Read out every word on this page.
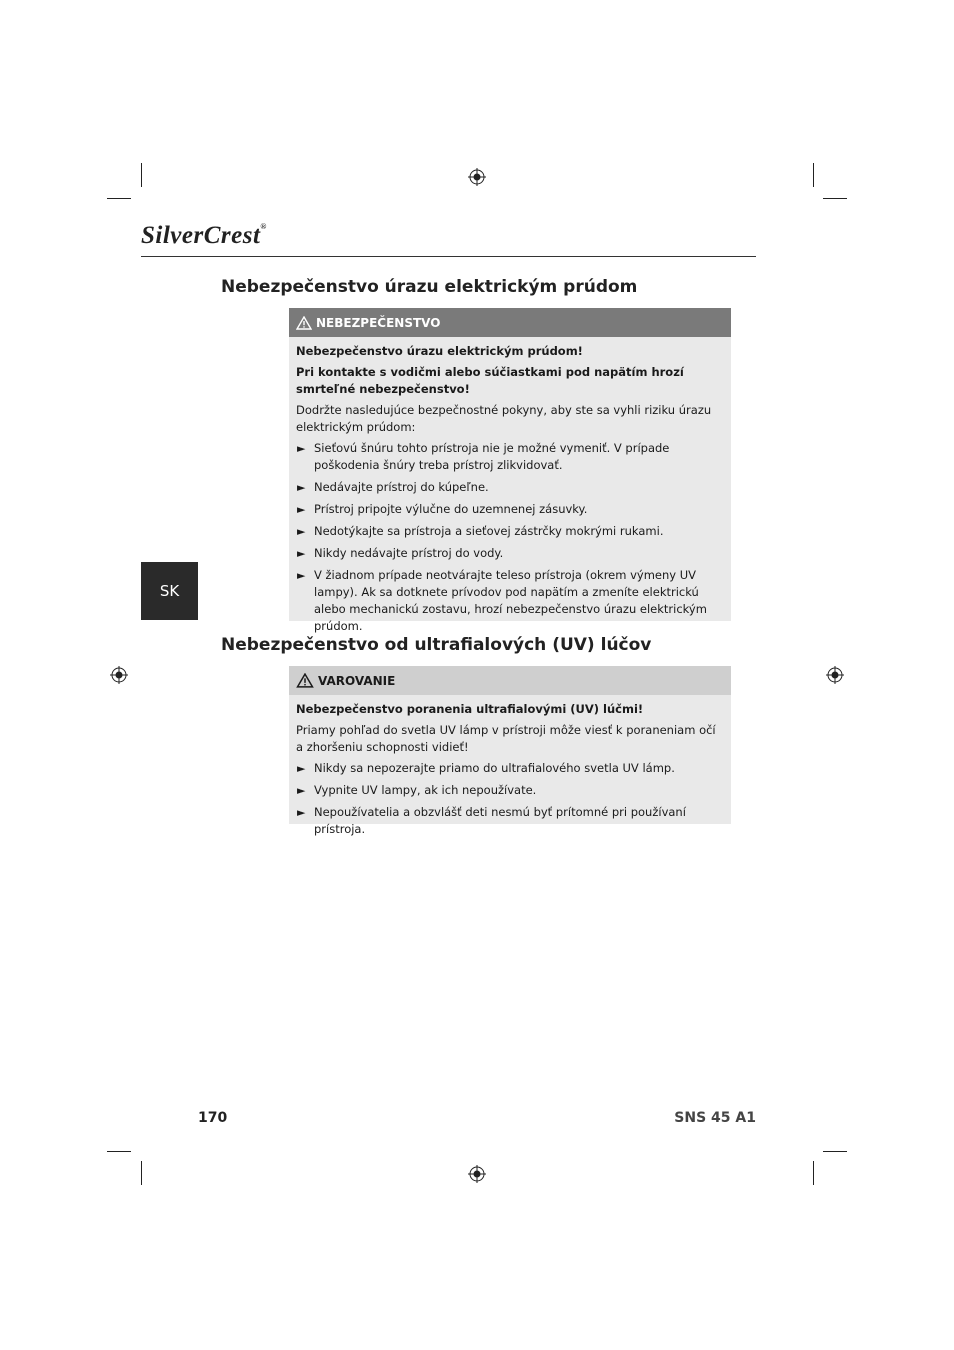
SilverCrest®
Nebezpečenstvo úrazu elektrickým prúdom
NEBEZPEČENSTVO

Nebezpečenstvo úrazu elektrickým prúdom!

Pri kontakte s vodičmi alebo súčiastkami pod napätím hrozí smrteľné nebezpečenstvo!

Dodržte nasledujúce bezpečnostné pokyny, aby ste sa vyhli riziku úrazu elektrickým prúdom:

► Sieťovú šnúru tohto prístroja nie je možné vymeniť. V prípade poškodenia šnúry treba prístroj zlikvidovať.
► Nedávajte prístroj do kúpeľne.
► Prístroj pripojte výlučne do uzemnenej zásuvky.
► Nedotýkajte sa prístroja a sieťovej zástrčky mokrými rukami.
► Nikdy nedávajte prístroj do vody.
► V žiadnom prípade neotvárajte teleso prístroja (okrem výmeny UV lampy). Ak sa dotknete prívodov pod napätím a zmeníte elektrickú alebo mechanickú zostavu, hrozí nebezpečenstvo úrazu elektrickým prúdom.
SK
Nebezpečenstvo od ultrafialových (UV) lúčov
VAROVANIE

Nebezpečenstvo poranenia ultrafialovými (UV) lúčmi!

Priamy pohľad do svetla UV lámp v prístroji môže viesť k poraneniam očí a zhoršeniu schopnosti vidieť!

► Nikdy sa nepozerajte priamo do ultrafialového svetla UV lámp.
► Vypnite UV lampy, ak ich nepoužívate.
► Nepoužívatelia a obzvlášť deti nesmú byť prítomné pri používaní prístroja.
170	SNS 45 A1
